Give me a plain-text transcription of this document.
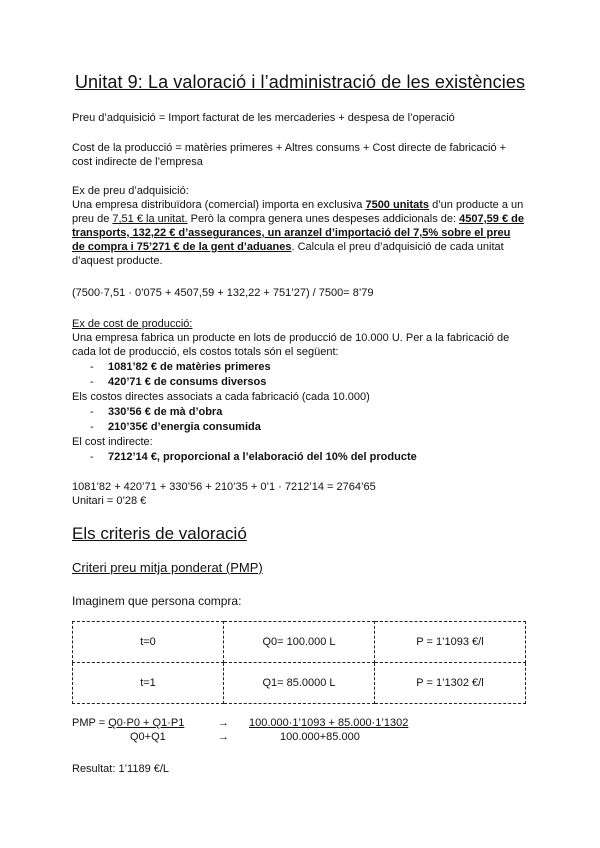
Unitat 9: La valoració i l’administració de les existències
Preu d’adquisició = Import facturat de les mercaderies + despesa de l’operació
Cost de la producció = matèries primeres + Altres consums + Cost directe de fabricació +
cost indirecte de l’empresa
Ex de preu d’adquisició:
Una empresa distribuïdora (comercial) importa en exclusiva 7500 unitats d’un producte a un
preu de 7,51 € la unitat. Però la compra genera unes despeses addicionals de: 4507,59 € de
transports, 132,22 € d’assegurances, un aranzel d’importació del 7,5% sobre el preu
de compra i 75’271 € de la gent d’aduanes. Calcula el preu d’adquisició de cada unitat
d’aquest producte.
(7500·7,51 · 0’075 + 4507,59 + 132,22 + 751’27) / 7500= 8’79
Ex de cost de producció:
Una empresa fabrica un producte en lots de producció de 10.000 U. Per a la fabricació de
cada lot de producció, els costos totals són el següent:
- 1081’82 € de matèries primeres
- 420’71 € de consums diversos
Els costos directes associats a cada fabricació (cada 10.000)
- 330’56 € de mà d’obra
- 210’35€ d’energia consumida
El cost indirecte:
- 7212’14 €, proporcional a l’elaboració del 10% del producte
1081’82 + 420’71 + 330’56 + 210’35 + 0’1 · 7212’14 = 2764’65
Unitari = 0’28 €
Els criteris de valoració
Criteri preu mitja ponderat (PMP)
Imaginem que persona compra:
t=0	Q0= 100.000 L	P = 1’1093 €/l
t=1	Q1= 85.0000 L	P = 1’1302 €/l
PMP = Q0·P0 + Q1·P1
Q0+Q1
→
→
100.000·1’1093 + 85.000·1’1302
100.000+85.000
Resultat: 1’1189 €/L
